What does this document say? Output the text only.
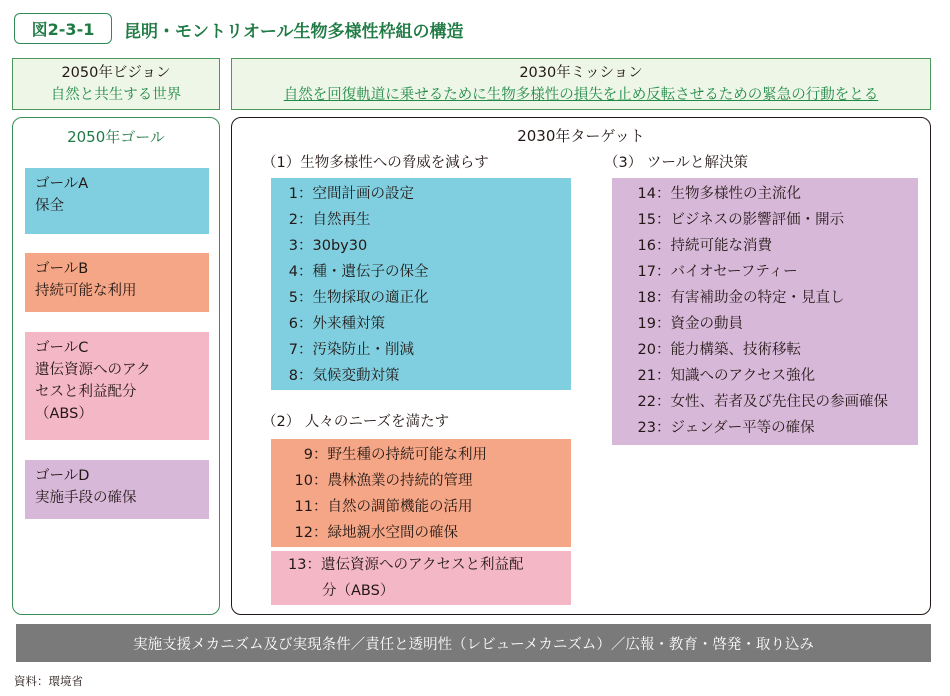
図2-3-1	昆明・モントリオール生物多様性枠組の構造
2050年ビジョン
自然と共生する世界
2030年ミッション
自然を回復軌道に乗せるために生物多様性の損失を止め反転させるための緊急の行動をとる
2050年ゴール
ゴールA
保全
ゴールB
持続可能な利用
ゴールC
遺伝資源へのアク
セスと利益配分
（ABS）
ゴールD
実施手段の確保
2030年ターゲット
（1）生物多様性への脅威を減らす
1：空間計画の設定
2：自然再生
3：30by30
4：種・遺伝子の保全
5：生物採取の適正化
6：外来種対策
7：汚染防止・削減
8：気候変動対策
（2） 人々のニーズを満たす
9：野生種の持続可能な利用
10：農林漁業の持続的管理
11：自然の調節機能の活用
12：緑地親水空間の確保
13：遺伝資源へのアクセスと利益配
分（ABS）
（3） ツールと解決策
14：生物多様性の主流化
15：ビジネスの影響評価・開示
16：持続可能な消費
17：バイオセーフティー
18：有害補助金の特定・見直し
19：資金の動員
20：能力構築、技術移転
21：知識へのアクセス強化
22：女性、若者及び先住民の参画確保
23：ジェンダー平等の確保
実施支援メカニズム及び実現条件／責任と透明性（レビューメカニズム）／広報・教育・啓発・取り込み
資料：環境省
